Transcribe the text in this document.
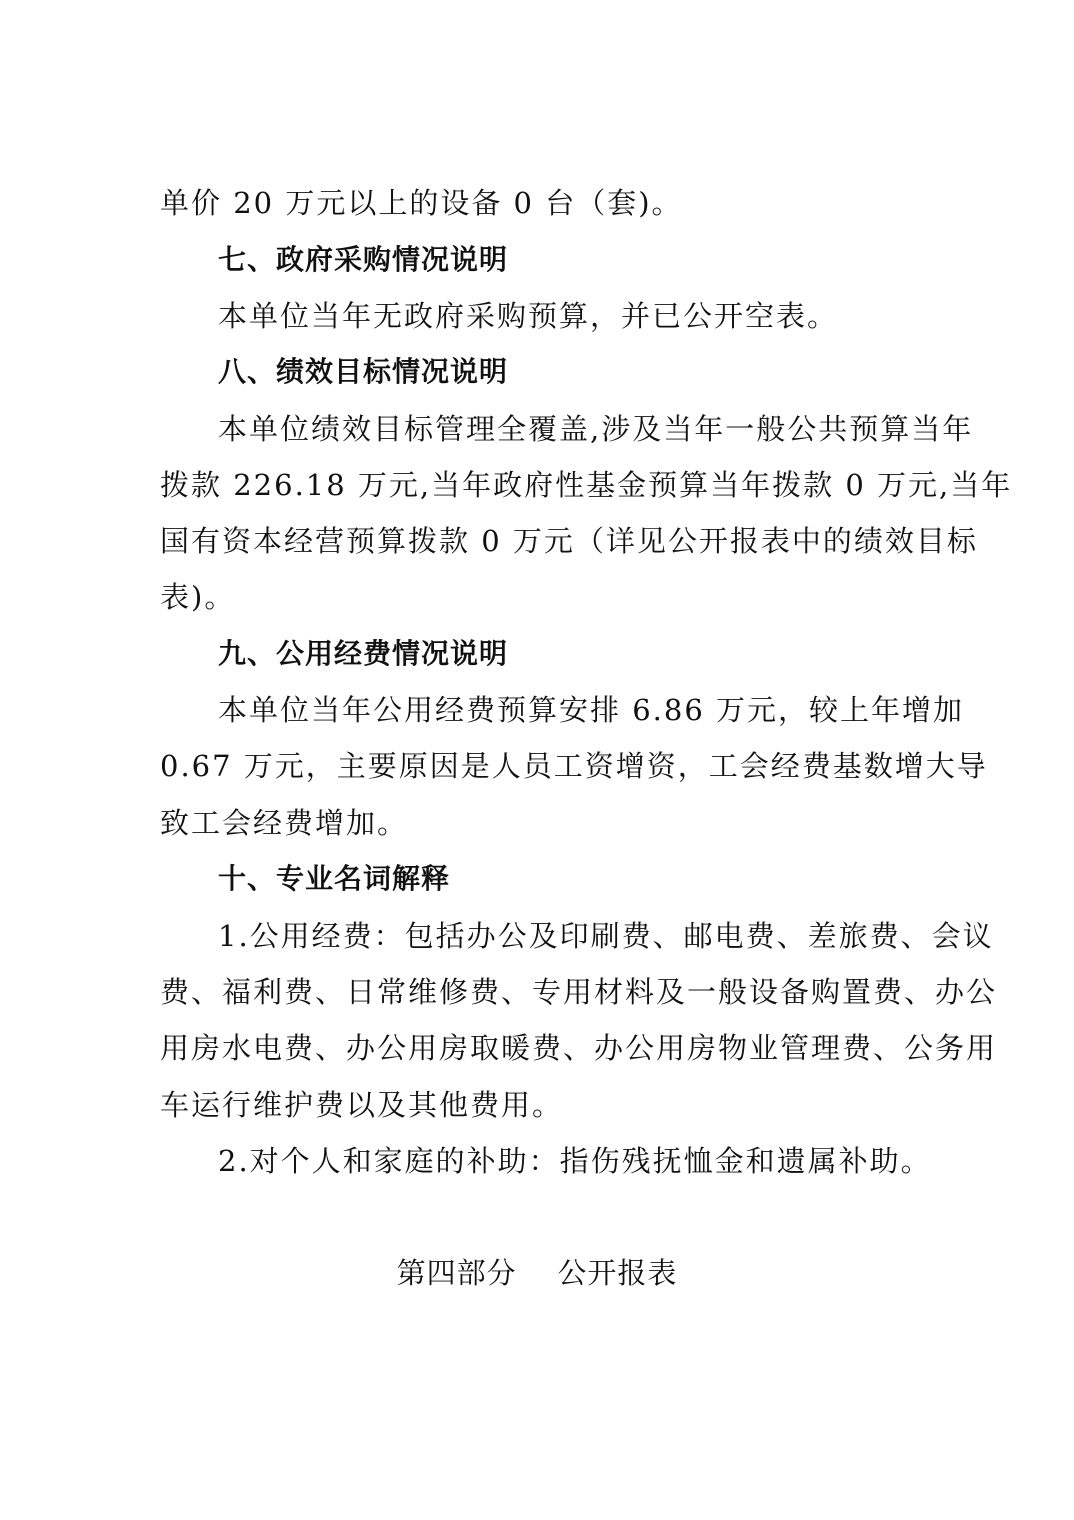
单价 20 万元以上的设备 0 台（套)。
七、政府采购情况说明
本单位当年无政府采购预算，并已公开空表。
八、绩效目标情况说明
本单位绩效目标管理全覆盖,涉及当年一般公共预算当年
拨款 226.18 万元,当年政府性基金预算当年拨款 0 万元,当年
国有资本经营预算拨款 0 万元（详见公开报表中的绩效目标
表)。
九、公用经费情况说明
本单位当年公用经费预算安排 6.86 万元，较上年增加
0.67 万元，主要原因是人员工资增资，工会经费基数增大导
致工会经费增加。
十、专业名词解释
1.公用经费：包括办公及印刷费、邮电费、差旅费、会议
费、福利费、日常维修费、专用材料及一般设备购置费、办公
用房水电费、办公用房取暖费、办公用房物业管理费、公务用
车运行维护费以及其他费用。
2.对个人和家庭的补助：指伤残抚恤金和遗属补助。
第四部分    公开报表
